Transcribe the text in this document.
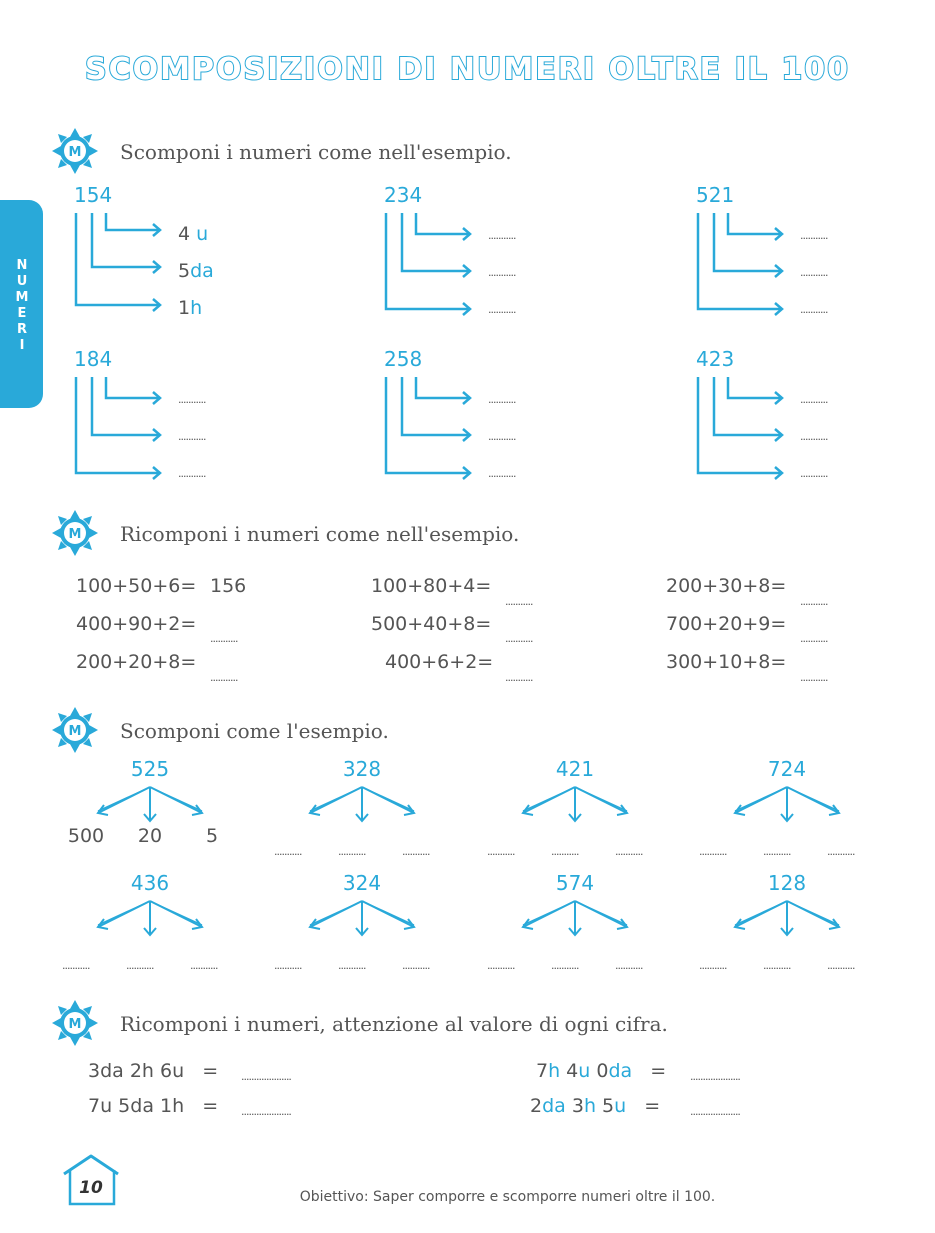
SCOMPOSIZIONI DI NUMERI OLTRE IL 100
N
U
M
E
R
I
M Scomponi i numeri come nell'esempio.
154
4 u
5da
1h
234
...........
...........
...........
521
...........
...........
...........
184
...........
...........
...........
258
...........
...........
...........
423
...........
...........
...........
M Ricomponi i numeri come nell'esempio.
100+50+6= 156
400+90+2=
...........
200+20+8=
...........
100+80+4=
...........
500+40+8=
...........
400+6+2=
...........
200+30+8=
...........
700+20+9=
...........
300+10+8=
...........
M Scomponi come l'esempio.
525
500	20	5
328
...........	...........	...........
421
...........	...........	...........
724
...........	...........	...........
436
...........	...........	...........
324
...........	...........	...........
574
...........	...........	...........
128
...........	...........	...........
M Ricomponi i numeri, attenzione al valore di ogni cifra.
3da 2h 6u = ....................
7u 5da 1h = ....................
7h 4u 0da = ....................
2da 3h 5u =	....................
10	Obiettivo: Saper comporre e scomporre numeri oltre il 100.
